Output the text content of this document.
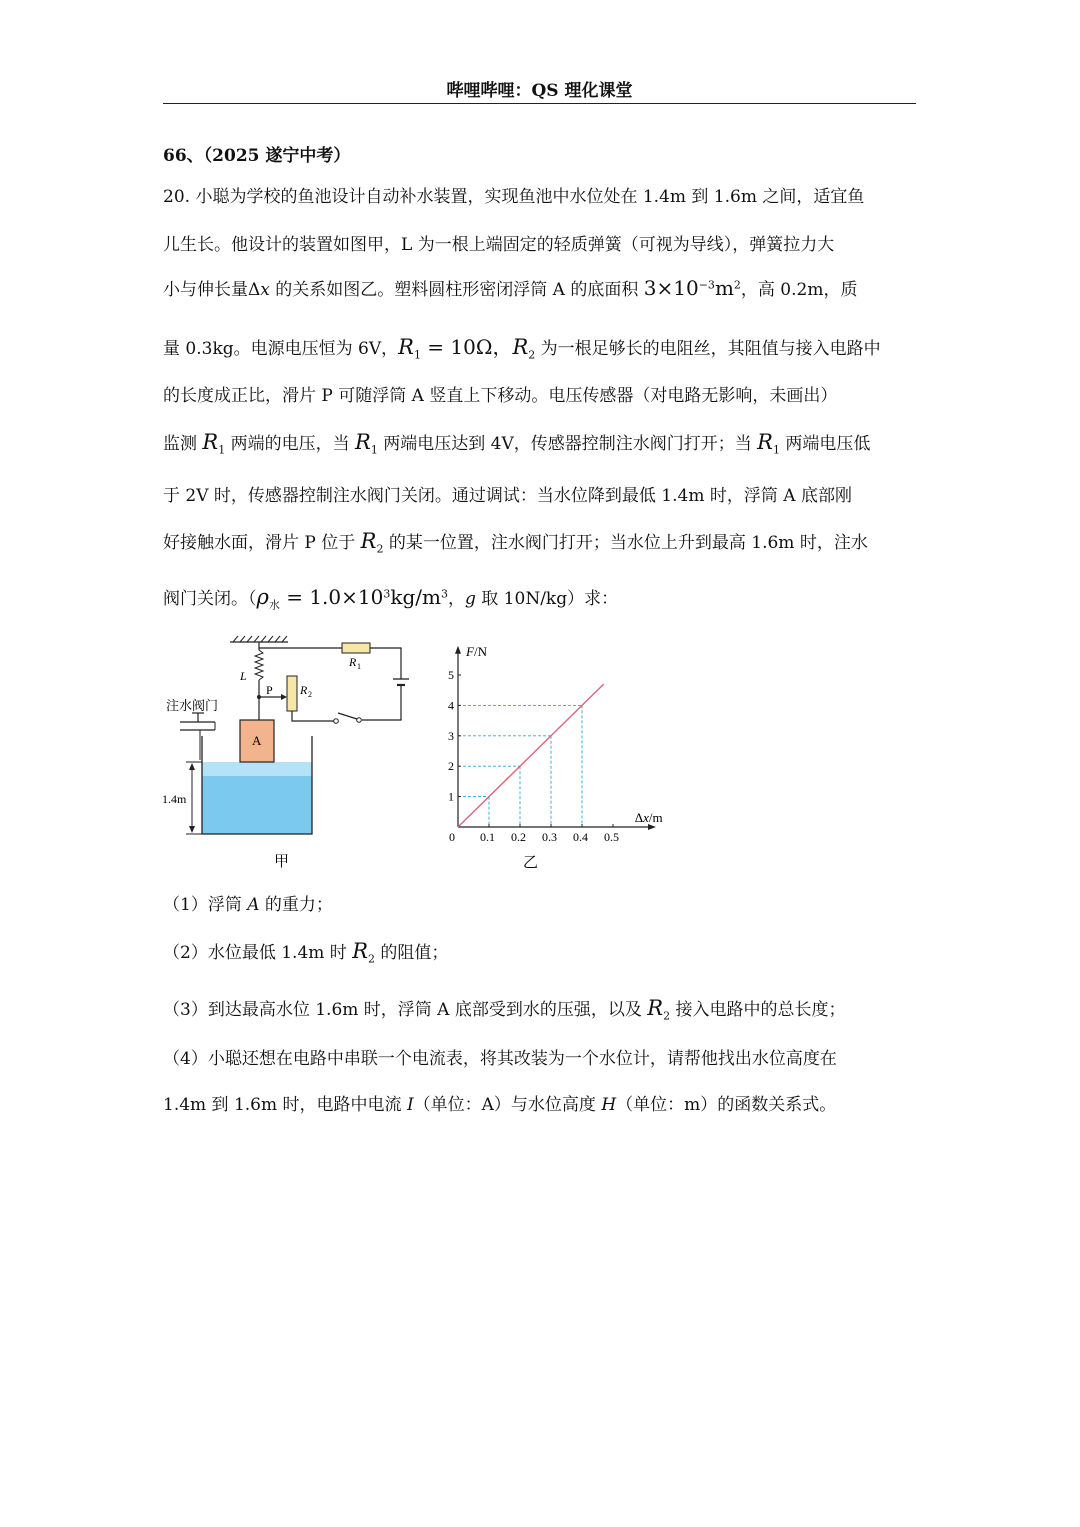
哔哩哔哩：QS 理化课堂
66、（2025 遂宁中考）
20. 小聪为学校的鱼池设计自动补水装置，实现鱼池中水位处在 1.4m 到 1.6m 之间，适宜鱼
儿生长。他设计的装置如图甲，L 为一根上端固定的轻质弹簧（可视为导线），弹簧拉力大
小与伸长量Δx 的关系如图乙。塑料圆柱形密闭浮筒 A 的底面积 $3\times 10^{-3}m^2$，高 0.2m，质
量 0.3kg。电源电压恒为 6V，$R_1 = 10\Omega$，$R_2$ 为一根足够长的电阻丝，其阻值与接入电路中
的长度成正比，滑片 P 可随浮筒 A 竖直上下移动。电压传感器（对电路无影响，未画出）
监测 $R_1$ 两端的电压，当 $R_1$ 两端电压达到 4V，传感器控制注水阀门打开；当 $R_1$ 两端电压低
于 2V 时，传感器控制注水阀门关闭。通过调试：当水位降到最低 1.4m 时，浮筒 A 底部刚
好接触水面，滑片 P 位于 $R_2$ 的某一位置，注水阀门打开；当水位上升到最高 1.6m 时，注水
阀门关闭。（$\rho_水 = 1.0\times 10^3kg/m^3$，g 取 10N/kg）求：
L
R 1
R 2
P
注水阀门
A
1.4m
甲	乙
0.1 0.2 0.3 0.4 0.5
1
2
3
4
5
0
F/N
Δx/m
（1）浮筒 A 的重力；
（2）水位最低 1.4m 时 $R_2$ 的阻值；
（3）到达最高水位 1.6m 时，浮筒 A 底部受到水的压强，以及 $R_2$ 接入电路中的总长度；
（4）小聪还想在电路中串联一个电流表，将其改装为一个水位计，请帮他找出水位高度在
1.4m 到 1.6m 时，电路中电流 I（单位：A）与水位高度 H（单位：m）的函数关系式。
